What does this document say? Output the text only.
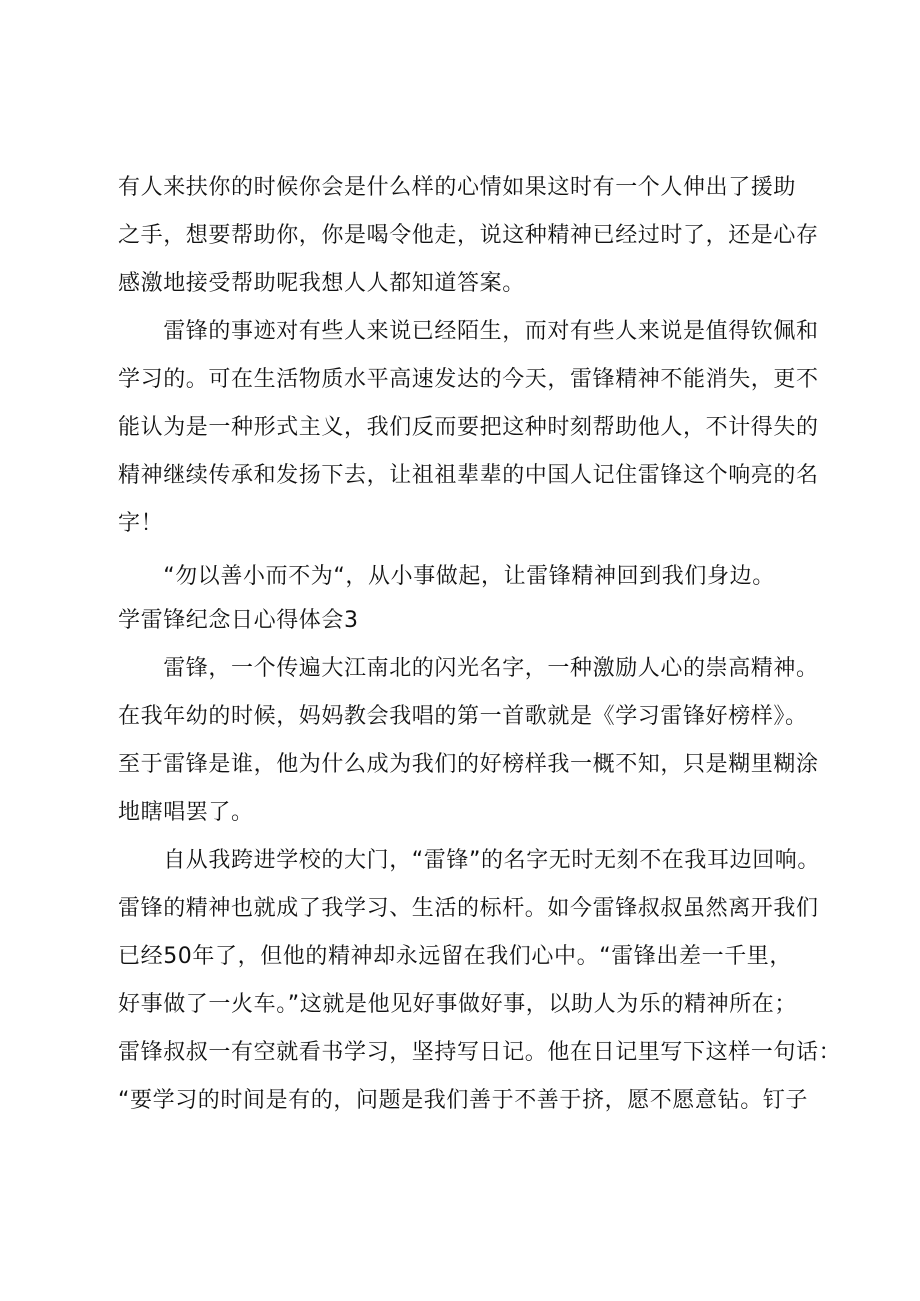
有人来扶你的时候你会是什么样的心情如果这时有一个人伸出了援助
之手，想要帮助你，你是喝令他走，说这种精神已经过时了，还是心存
感激地接受帮助呢我想人人都知道答案。
　　雷锋的事迹对有些人来说已经陌生，而对有些人来说是值得钦佩和
学习的。可在生活物质水平高速发达的今天，雷锋精神不能消失，更不
能认为是一种形式主义，我们反而要把这种时刻帮助他人，不计得失的
精神继续传承和发扬下去，让祖祖辈辈的中国人记住雷锋这个响亮的名
字！
　　“勿以善小而不为“，从小事做起，让雷锋精神回到我们身边。
学雷锋纪念日心得体会3
　　雷锋，一个传遍大江南北的闪光名字，一种激励人心的崇高精神。
在我年幼的时候，妈妈教会我唱的第一首歌就是《学习雷锋好榜样》。
至于雷锋是谁，他为什么成为我们的好榜样我一概不知，只是糊里糊涂
地瞎唱罢了。
　　自从我跨进学校的大门，“雷锋”的名字无时无刻不在我耳边回响。
雷锋的精神也就成了我学习、生活的标杆。如今雷锋叔叔虽然离开我们
已经50年了，但他的精神却永远留在我们心中。“雷锋出差一千里，
好事做了一火车。”这就是他见好事做好事，以助人为乐的精神所在；
雷锋叔叔一有空就看书学习，坚持写日记。他在日记里写下这样一句话：
“要学习的时间是有的，问题是我们善于不善于挤，愿不愿意钻。钉子
